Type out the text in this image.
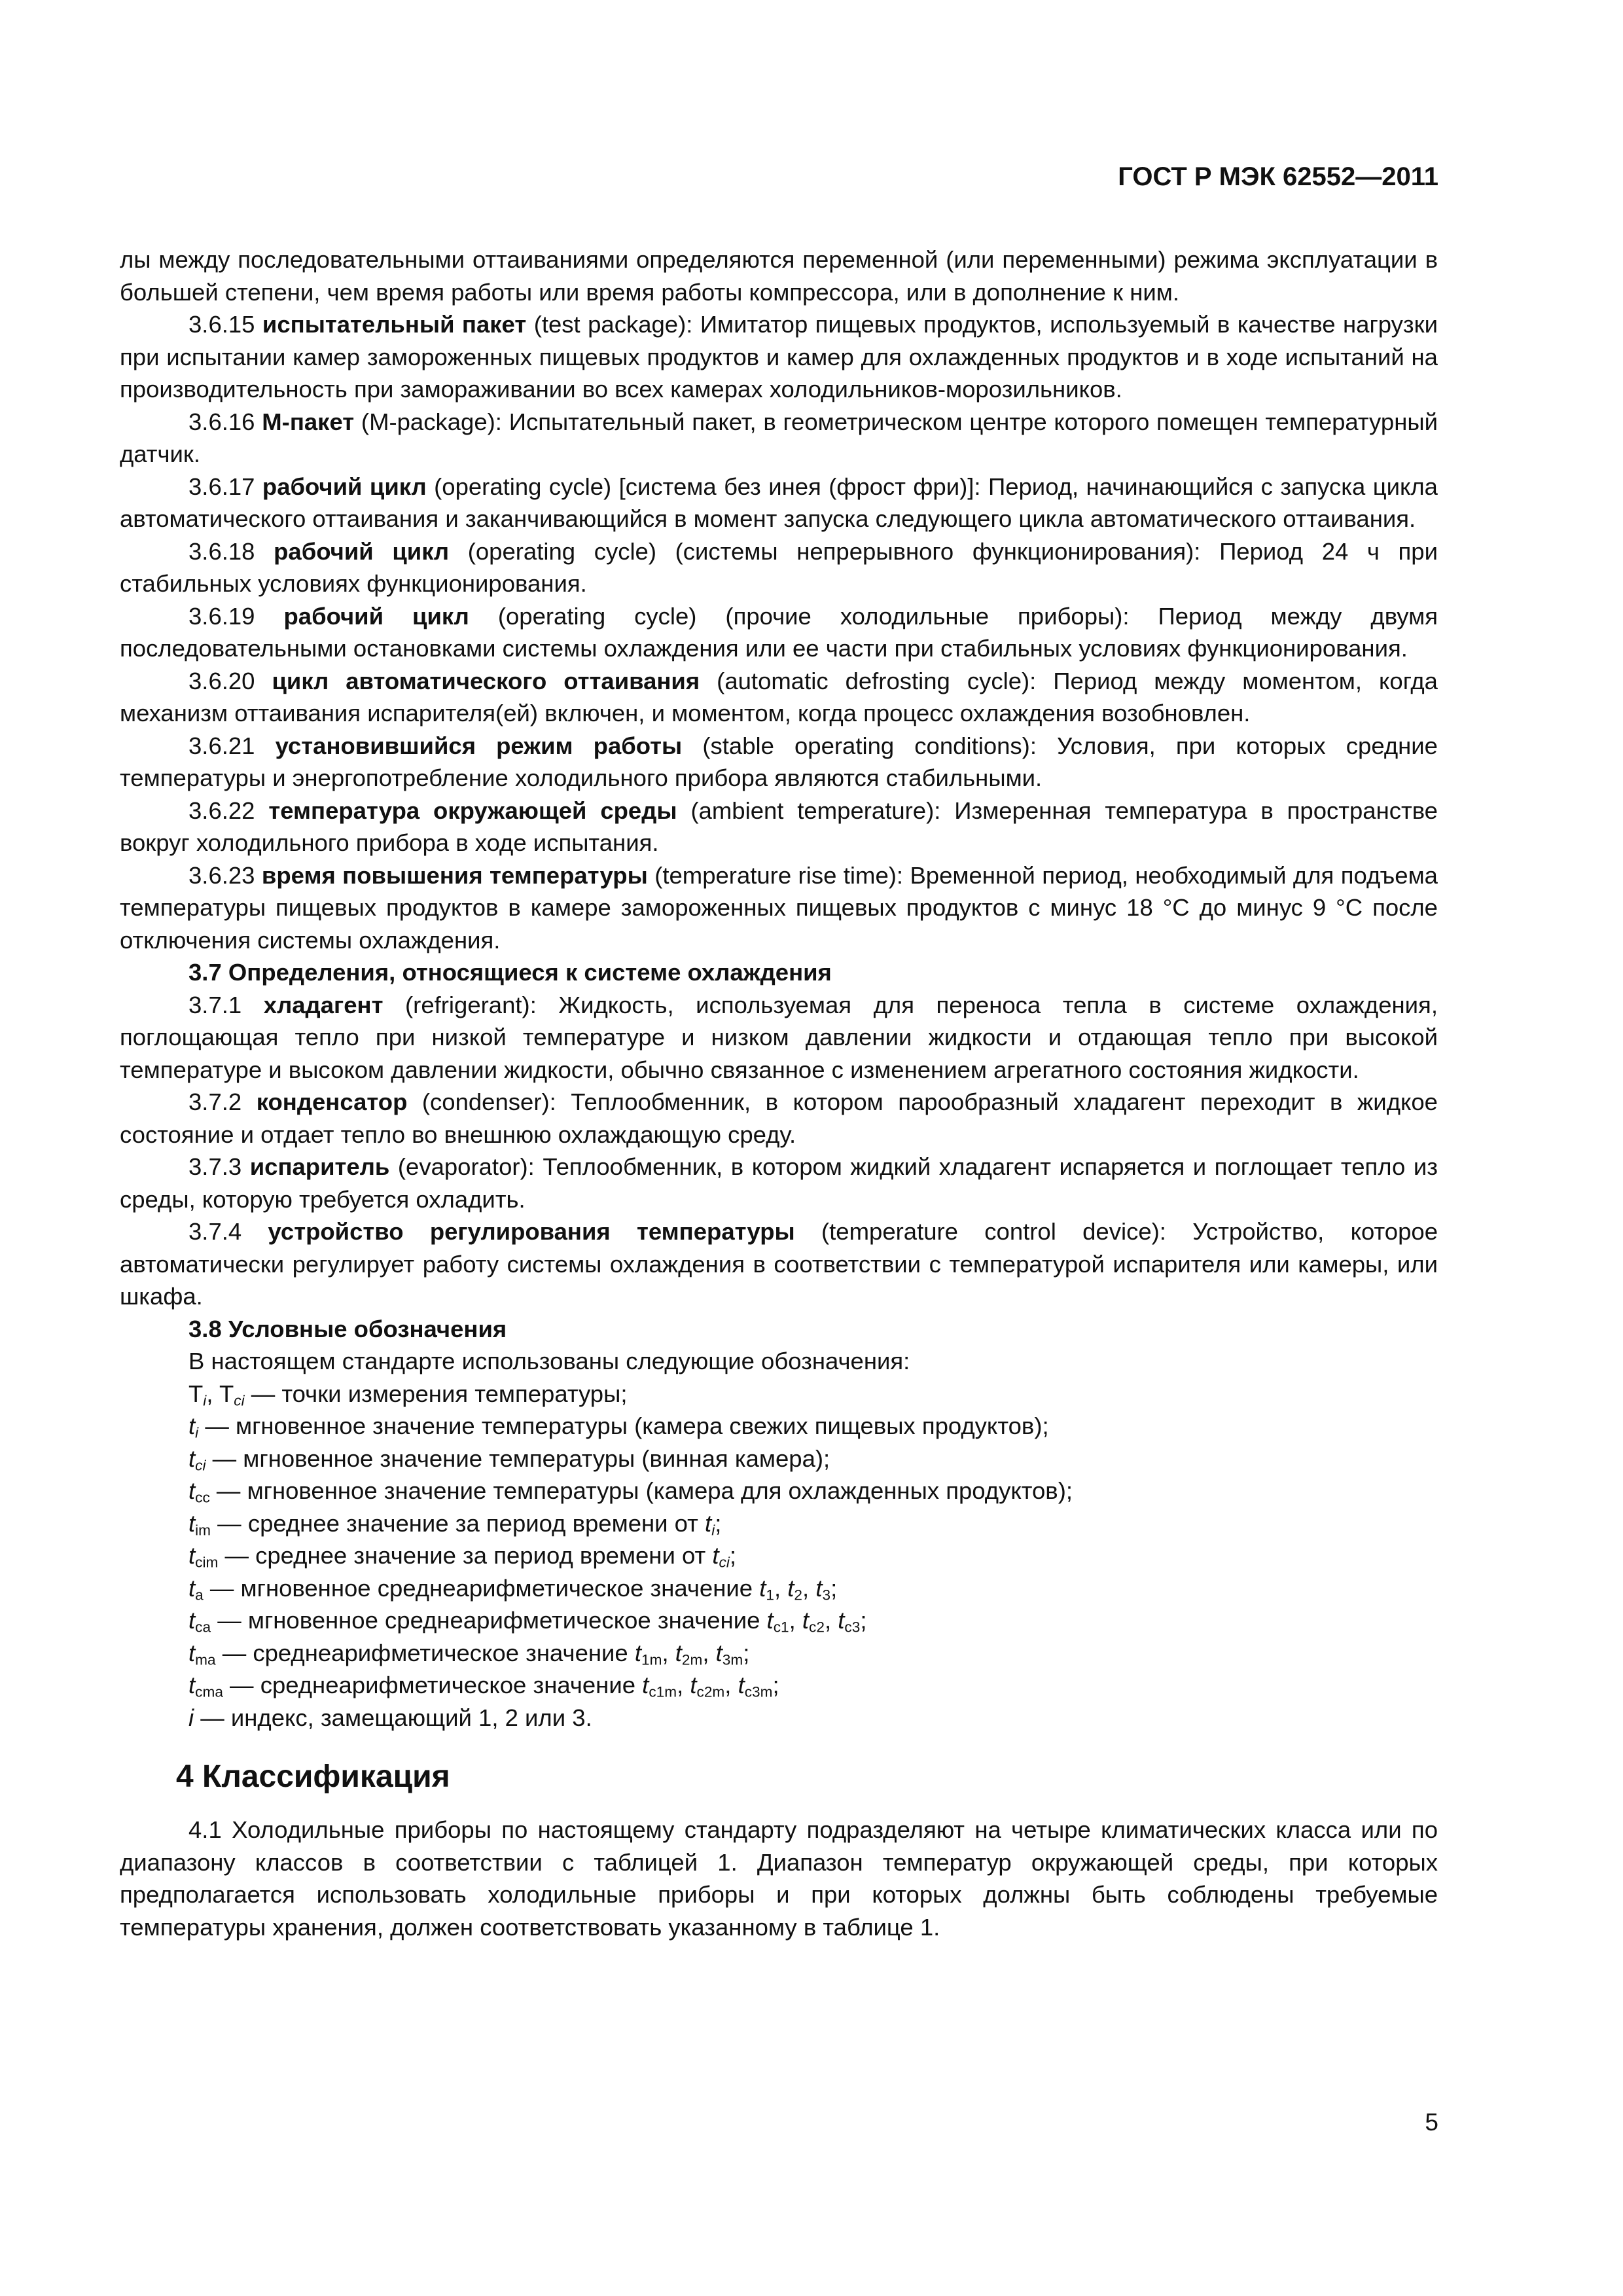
ГОСТ Р МЭК 62552—2011

лы между последовательными оттаиваниями определяются переменной (или переменными) режима эксплуатации в большей степени, чем время работы или время работы компрессора, или в дополнение к ним.

3.6.15 испытательный пакет (test package): Имитатор пищевых продуктов, используемый в качестве нагрузки при испытании камер замороженных пищевых продуктов и камер для охлажденных продуктов и в ходе испытаний на производительность при замораживании во всех камерах холодильников-морозильников.

3.6.16 М-пакет (M-package): Испытательный пакет, в геометрическом центре которого помещен температурный датчик.

3.6.17 рабочий цикл (operating cycle) [система без инея (фрост фри)]: Период, начинающийся с запуска цикла автоматического оттаивания и заканчивающийся в момент запуска следующего цикла автоматического оттаивания.

3.6.18 рабочий цикл (operating cycle) (системы непрерывного функционирования): Период 24 ч при стабильных условиях функционирования.

3.6.19 рабочий цикл (operating cycle) (прочие холодильные приборы): Период между двумя последовательными остановками системы охлаждения или ее части при стабильных условиях функционирования.

3.6.20 цикл автоматического оттаивания (automatic defrosting cycle): Период между моментом, когда механизм оттаивания испарителя(ей) включен, и моментом, когда процесс охлаждения возобновлен.

3.6.21 установившийся режим работы (stable operating conditions): Условия, при которых средние температуры и энергопотребление холодильного прибора являются стабильными.

3.6.22 температура окружающей среды (ambient temperature): Измеренная температура в пространстве вокруг холодильного прибора в ходе испытания.

3.6.23 время повышения температуры (temperature rise time): Временной период, необходимый для подъема температуры пищевых продуктов в камере замороженных пищевых продуктов с минус 18 °С до минус 9 °С после отключения системы охлаждения.

3.7 Определения, относящиеся к системе охлаждения

3.7.1 хладагент (refrigerant): Жидкость, используемая для переноса тепла в системе охлаждения, поглощающая тепло при низкой температуре и низком давлении жидкости и отдающая тепло при высокой температуре и высоком давлении жидкости, обычно связанное с изменением агрегатного состояния жидкости.

3.7.2 конденсатор (condenser): Теплообменник, в котором парообразный хладагент переходит в жидкое состояние и отдает тепло во внешнюю охлаждающую среду.

3.7.3 испаритель (evaporator): Теплообменник, в котором жидкий хладагент испаряется и поглощает тепло из среды, которую требуется охладить.

3.7.4 устройство регулирования температуры (temperature control device): Устройство, которое автоматически регулирует работу системы охлаждения в соответствии с температурой испарителя или камеры, или шкафа.

3.8 Условные обозначения
В настоящем стандарте использованы следующие обозначения:
$T_i$, $T_{ci}$ — точки измерения температуры;
$t_i$ — мгновенное значение температуры (камера свежих пищевых продуктов);
$t_{ci}$ — мгновенное значение температуры (винная камера);
$t_{cc}$ — мгновенное значение температуры (камера для охлажденных продуктов);
$t_{im}$ — среднее значение за период времени от $t_i$;
$t_{cim}$ — среднее значение за период времени от $t_{ci}$;
$t_a$ — мгновенное среднеарифметическое значение $t_1$, $t_2$, $t_3$;
$t_{ca}$ — мгновенное среднеарифметическое значение $t_{c1}$, $t_{c2}$, $t_{c3}$;
$t_{ma}$ — среднеарифметическое значение $t_{1m}$, $t_{2m}$, $t_{3m}$;
$t_{cma}$ — среднеарифметическое значение $t_{c1m}$, $t_{c2m}$, $t_{c3m}$;
i — индекс, замещающий 1, 2 или 3.
4 Классификация

4.1 Холодильные приборы по настоящему стандарту подразделяют на четыре климатических класса или по диапазону классов в соответствии с таблицей 1. Диапазон температур окружающей среды, при которых предполагается использовать холодильные приборы и при которых должны быть соблюдены требуемые температуры хранения, должен соответствовать указанному в таблице 1.

5
